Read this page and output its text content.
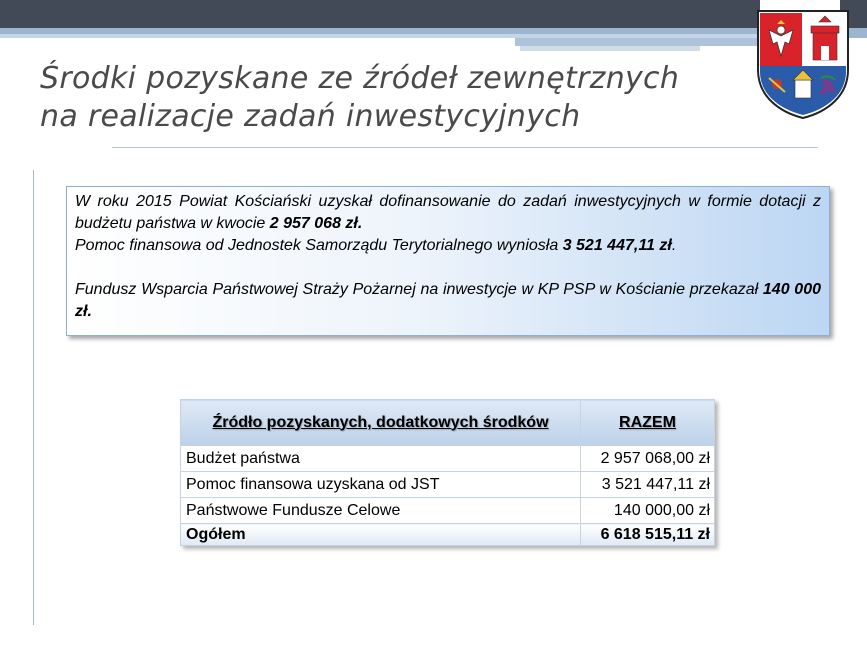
Środki pozyskane ze źródeł zewnętrznych
na realizacje zadań inwestycyjnych

W roku 2015 Powiat Kościański uzyskał dofinansowanie do zadań inwestycyjnych w formie dotacji z budżetu państwa w kwocie 2 957 068 zł.

Pomoc finansowa od Jednostek Samorządu Terytorialnego wyniosła 3 521 447,11 zł.

Fundusz Wsparcia Państwowej Straży Pożarnej na inwestycje w KP PSP w Kościanie przekazał 140 000 zł.

Źródło pozyskanych, dodatkowych środków	RAZEM
Budżet państwa	2 957 068,00 zł
Pomoc finansowa uzyskana od JST	3 521 447,11 zł
Państwowe Fundusze Celowe	140 000,00 zł
Ogółem	6 618 515,11 zł
